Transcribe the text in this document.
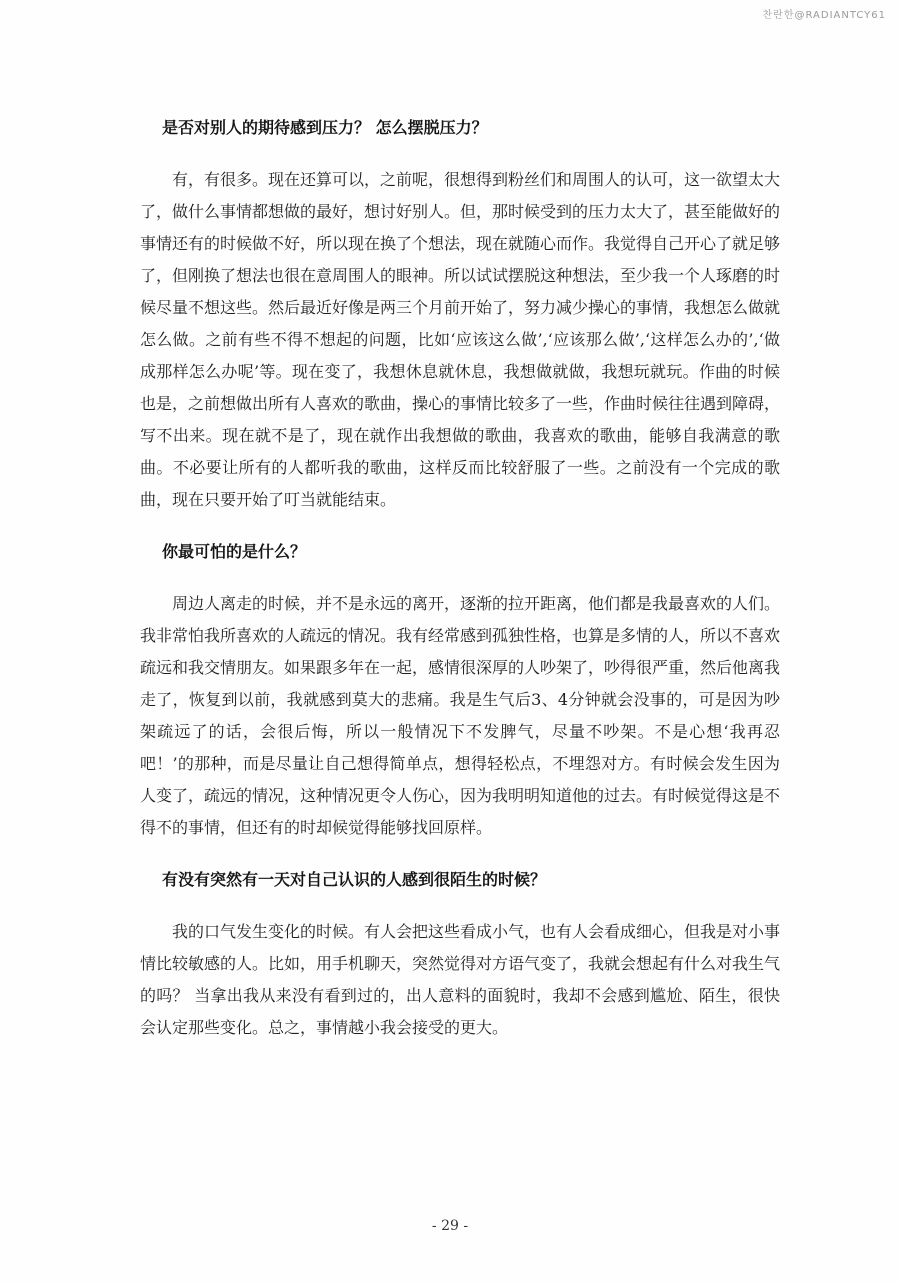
찬란한@RADIANTCY61
是否对别人的期待感到压力？ 怎么摆脱压力？

有，有很多。现在还算可以，之前呢，很想得到粉丝们和周围人的认可，这一欲望太大了，做什么事情都想做的最好，想讨好别人。但，那时候受到的压力太大了，甚至能做好的事情还有的时候做不好，所以现在换了个想法，现在就随心而作。我觉得自己开心了就足够了，但刚换了想法也很在意周围人的眼神。所以试试摆脱这种想法，至少我一个人琢磨的时候尽量不想这些。然后最近好像是两三个月前开始了，努力减少操心的事情，我想怎么做就怎么做。之前有些不得不想起的问题，比如‘应该这么做’,‘应该那么做’,‘这样怎么办的’,‘做成那样怎么办呢’等。现在变了，我想休息就休息，我想做就做，我想玩就玩。作曲的时候也是，之前想做出所有人喜欢的歌曲，操心的事情比较多了一些，作曲时候往往遇到障碍，写不出来。现在就不是了，现在就作出我想做的歌曲，我喜欢的歌曲，能够自我满意的歌曲。不必要让所有的人都听我的歌曲，这样反而比较舒服了一些。之前没有一个完成的歌曲，现在只要开始了叮当就能结束。

你最可怕的是什么？

周边人离走的时候，并不是永远的离开，逐渐的拉开距离，他们都是我最喜欢的人们。我非常怕我所喜欢的人疏远的情况。我有经常感到孤独性格，也算是多情的人，所以不喜欢疏远和我交情朋友。如果跟多年在一起，感情很深厚的人吵架了，吵得很严重，然后他离我走了，恢复到以前，我就感到莫大的悲痛。我是生气后3、4分钟就会没事的，可是因为吵架疏远了的话，会很后悔，所以一般情况下不发脾气，尽量不吵架。不是心想‘我再忍吧！’的那种，而是尽量让自己想得简单点，想得轻松点，不埋怨对方。有时候会发生因为人变了，疏远的情况，这种情况更令人伤心，因为我明明知道他的过去。有时候觉得这是不得不的事情，但还有的时却候觉得能够找回原样。

有没有突然有一天对自己认识的人感到很陌生的时候？

我的口气发生变化的时候。有人会把这些看成小气，也有人会看成细心，但我是对小事情比较敏感的人。比如，用手机聊天，突然觉得对方语气变了，我就会想起有什么对我生气的吗？ 当拿出我从来没有看到过的，出人意料的面貌时，我却不会感到尴尬、陌生，很快会认定那些变化。总之，事情越小我会接受的更大。

- 29 -
